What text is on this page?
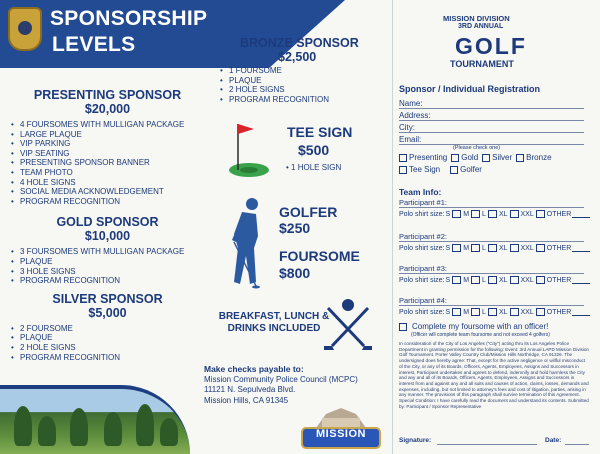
SPONSORSHIP
LEVELS
PRESENTING SPONSOR
$20,000
• 4 FOURSOMES WITH MULLIGAN PACKAGE
• LARGE PLAQUE
• VIP PARKING
• VIP SEATING
• PRESENTING SPONSOR BANNER
• TEAM PHOTO
• 4 HOLE SIGNS
• SOCIAL MEDIA ACKNOWLEDGEMENT
• PROGRAM RECOGNITION
GOLD SPONSOR
$10,000
• 3 FOURSOMES WITH MULLIGAN PACKAGE
• PLAQUE
• 3 HOLE SIGNS
• PROGRAM RECOGNITION
SILVER SPONSOR
$5,000
• 2 FOURSOME
• PLAQUE
• 2 HOLE SIGNS
• PROGRAM RECOGNITION
BRONZE SPONSOR
$2,500
• 1 FOURSOME
• PLAQUE
• 2 HOLE SIGNS
• PROGRAM RECOGNITION
TEE SIGN
$500
• 1 HOLE SIGN
GOLFER
$250
FOURSOME
$800
BREAKFAST, LUNCH & DRINKS INCLUDED
Make checks payable to:
Mission Community Police Council (MCPC)
11121 N. Sepulveda Blvd.
Mission Hills, CA 91345
MISSION
MISSION DIVISION
3RD ANNUAL
GOLF
TOURNAMENT
Sponsor / Individual Registration
Name:
Address:
City:
Email:
(Please check one)
Presenting	Gold	Silver	Bronze
Tee Sign	Golfer
Team Info:
Participant #1:
Polo shirt size: S M L XL XXL OTHER
Participant #2:
Polo shirt size: S M L XL XXL OTHER
Participant #3:
Polo shirt size: S M L XL XXL OTHER
Participant #4:
Polo shirt size: S M L XL XXL OTHER
Complete my foursome with an officer!
(Officer will complete team foursome and not exceed 4 golfers)
In consideration of the City of Los Angeles ("City") acting thru its Los Angeles Police Department in granting permission for the following: Event: 3rd Annual LAPD Mission Division Golf Tournament. Porter Valley Country Club/Mission Hills Northridge, CA 91326. The undersigned does hereby agree: That, except for the active negligence or willful misconduct of the City, or any of its Boards, Officers, Agents, Employees, Assigns and Successors in interest, Participant undertakes and agrees to defend, indemnify and hold harmless the City and any and all of its Boards, Officers, Agents, Employees, Assigns and Successors in interest from and against any and all suits and causes of action, claims, losses, demands and expenses, including, but not limited to attorney's fees and cost of litigation, parties, arising in any manner. The provisions of this paragraph shall survive termination of this Agreement. Special Condition: I have carefully read the document and understand its contents. Submitted by: Participant / Sponsor Representative
Signature:	Date:
